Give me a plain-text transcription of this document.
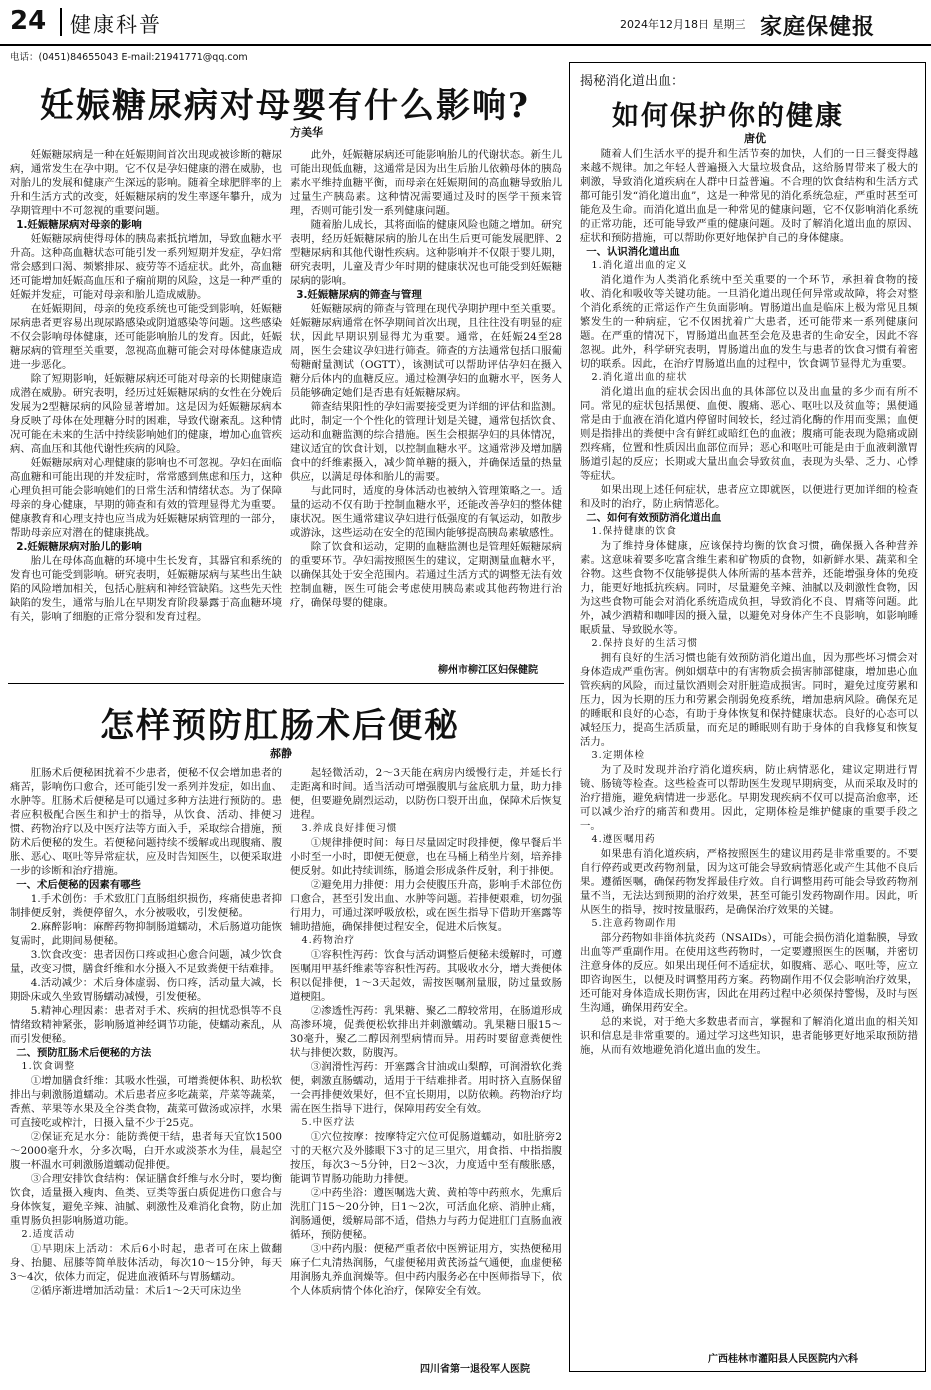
24 健康科普	2024年12月18日 星期三 家庭保健报
电话：(0451)84655043 E-mail:21941771@qq.com
妊娠糖尿病对母婴有什么影响?
方美华

妊娠糖尿病是一种在妊娠期间首次出现或被诊断的糖尿病，通常发生在孕中期。它不仅是孕妇健康的潜在威胁，也对胎儿的发展和健康产生深远的影响。随着全球肥胖率的上升和生活方式的改变，妊娠糖尿病的发生率逐年攀升，成为孕期管理中不可忽视的重要问题。

1.妊娠糖尿病对母亲的影响

妊娠糖尿病使得母体的胰岛素抵抗增加，导致血糖水平升高。这种高血糖状态可能引发一系列短期并发症，孕妇常常会感到口渴、频繁排尿、疲劳等不适症状。此外，高血糖还可能增加妊娠高血压和子痫前期的风险，这是一种严重的妊娠并发症，可能对母亲和胎儿造成威胁。

在妊娠期间，母亲的免疫系统也可能受到影响，妊娠糖尿病患者更容易出现尿路感染或阴道感染等问题。这些感染不仅会影响母体健康，还可能影响胎儿的发育。因此，妊娠糖尿病的管理至关重要，忽视高血糖可能会对母体健康造成进一步恶化。

除了短期影响，妊娠糖尿病还可能对母亲的长期健康造成潜在威胁。研究表明，经历过妊娠糖尿病的女性在分娩后发展为2型糖尿病的风险显著增加。这是因为妊娠糖尿病本身反映了母体在处理糖分时的困难，导致代谢紊乱。这种情况可能在未来的生活中持续影响她们的健康，增加心血管疾病、高血压和其他代谢性疾病的风险。

妊娠糖尿病对心理健康的影响也不可忽视。孕妇在面临高血糖和可能出现的并发症时，常常感到焦虑和压力，这种心理负担可能会影响她们的日常生活和情绪状态。为了保障母亲的身心健康，早期的筛查和有效的管理显得尤为重要。健康教育和心理支持也应当成为妊娠糖尿病管理的一部分，帮助母亲应对潜在的健康挑战。

2.妊娠糖尿病对胎儿的影响

胎儿在母体高血糖的环境中生长发育，其器官和系统的发育也可能受到影响。研究表明，妊娠糖尿病与某些出生缺陷的风险增加相关，包括心脏病和神经管缺陷。这些先天性缺陷的发生，通常与胎儿在早期发育阶段暴露于高血糖环境有关，影响了细胞的正常分裂和发育过程。

此外，妊娠糖尿病还可能影响胎儿的代谢状态。新生儿可能出现低血糖，这通常是因为出生后胎儿依赖母体的胰岛素水平维持血糖平衡，而母亲在妊娠期间的高血糖导致胎儿过量生产胰岛素。这种情况需要通过及时的医学干预来管理，否则可能引发一系列健康问题。

随着胎儿成长，其将面临的健康风险也随之增加。研究表明，经历妊娠糖尿病的胎儿在出生后更可能发展肥胖、2型糖尿病和其他代谢性疾病。这种影响并不仅限于婴儿期，研究表明，儿童及青少年时期的健康状况也可能受到妊娠糖尿病的影响。

3.妊娠糖尿病的筛查与管理

妊娠糖尿病的筛查与管理在现代孕期护理中至关重要。妊娠糖尿病通常在怀孕期间首次出现，且往往没有明显的症状，因此早期识别显得尤为重要。通常，在妊娠24至28周，医生会建议孕妇进行筛查。筛查的方法通常包括口服葡萄糖耐量测试（OGTT），该测试可以帮助评估孕妇在摄入糖分后体内的血糖反应。通过检测孕妇的血糖水平，医务人员能够确定她们是否患有妊娠糖尿病。

筛查结果阳性的孕妇需要接受更为详细的评估和监测。此时，制定一个个性化的管理计划是关键，通常包括饮食、运动和血糖监测的综合措施。医生会根据孕妇的具体情况，建议适宜的饮食计划，以控制血糖水平。这通常涉及增加膳食中的纤维素摄入，减少简单糖的摄入，并确保适量的热量供应，以满足母体和胎儿的需要。

与此同时，适度的身体活动也被纳入管理策略之一。适量的运动不仅有助于控制血糖水平，还能改善孕妇的整体健康状况。医生通常建议孕妇进行低强度的有氧运动，如散步或游泳，这些运动在安全的范围内能够提高胰岛素敏感性。

除了饮食和运动，定期的血糖监测也是管理妊娠糖尿病的重要环节。孕妇需按照医生的建议，定期测量血糖水平，以确保其处于安全范围内。若通过生活方式的调整无法有效控制血糖，医生可能会考虑使用胰岛素或其他药物进行治疗，确保母婴的健康。

柳州市柳江区妇保健院
怎样预防肛肠术后便秘
郝静

肛肠术后便秘困扰着不少患者，便秘不仅会增加患者的痛苦，影响伤口愈合，还可能引发一系列并发症，如出血、水肿等。肛肠术后便秘是可以通过多种方法进行预防的。患者应积极配合医生和护士的指导，从饮食、活动、排便习惯、药物治疗以及中医疗法等方面入手，采取综合措施，预防术后便秘的发生。若便秘问题持续不缓解或出现腹痛、腹胀、恶心、呕吐等异常症状，应及时告知医生，以便采取进一步的诊断和治疗措施。

一、术后便秘的因素有哪些

1.手术创伤：手术致肛门直肠组织损伤，疼痛使患者抑制排便反射，粪便停留久，水分被吸收，引发便秘。

2.麻醉影响：麻醉药物抑制肠道蠕动，术后肠道功能恢复需时，此期间易便秘。

3.饮食改变：患者因伤口疼或担心愈合问题，减少饮食量，改变习惯，膳食纤维和水分摄入不足致粪便干结难排。

4.活动减少：术后身体虚弱、伤口疼，活动量大减，长期卧床或久坐致胃肠蠕动减慢，引发便秘。

5.精神心理因素：患者对手术、疾病的担忧恐惧等不良情绪致精神紧张，影响肠道神经调节功能，使蠕动紊乱，从而引发便秘。

二、预防肛肠术后便秘的方法
1.饮食调整

①增加膳食纤维：其吸水性强，可增粪便体积、助松软排出与刺激肠道蠕动。术后患者应多吃蔬菜，芹菜等蔬菜，香蕉、苹果等水果及全谷类食物，蔬菜可做汤或凉拌，水果可直接吃或榨汁，日摄入量不少于25克。

②保证充足水分：能防粪便干结，患者每天宜饮1500～2000毫升水，分多次喝，白开水或淡茶水为佳，晨起空腹一杯温水可刺激肠道蠕动促排便。

③合理安排饮食结构：保证膳食纤维与水分时，要均衡饮食，适量摄入瘦肉、鱼类、豆类等蛋白质促进伤口愈合与身体恢复，避免辛辣、油腻、刺激性及难消化食物，防止加重胃肠负担影响肠道功能。

2.适度活动

①早期床上活动：术后6小时起，患者可在床上做翻身、抬腿、屈膝等简单肢体活动，每次10～15分钟，每天3～4次，依体力而定，促进血液循环与胃肠蠕动。

②循序渐进增加活动量：术后1～2天可床边坐

起轻微活动，2～3天能在病房内缓慢行走，并延长行走距离和时间。适当活动可增强腹肌与盆底肌力量，助力排便，但要避免剧烈运动，以防伤口裂开出血，保障术后恢复进程。

3.养成良好排便习惯

①规律排便时间：每日尽量固定时段排便，像早餐后半小时至一小时，即便无便意，也在马桶上稍坐片刻，培养排便反射。如此持续训练，肠道会形成条件反射，利于排便。

②避免用力排便：用力会使腹压升高，影响手术部位伤口愈合，甚至引发出血、水肿等问题。若排便艰难，切勿强行用力，可通过深呼吸放松，或在医生指导下借助开塞露等辅助措施，确保排便过程安全，促进术后恢复。

4.药物治疗

①容积性泻药：饮食与活动调整后便秘未缓解时，可遵医嘱用甲基纤维素等容积性泻药。其吸收水分，增大粪便体积以促排便，1～3天起效，需按医嘱剂量服，防过量致肠道梗阻。

②渗透性泻药：乳果糖、聚乙二醇较常用，在肠道形成高渗环境，促粪便松软排出并刺激蠕动。乳果糖日服15～30毫升，聚乙二醇因剂型病情而异。用药时要留意粪便性状与排便次数，防腹泻。

③润滑性泻药：开塞露含甘油或山梨醇，可润滑软化粪便，刺激直肠蠕动，适用于干结难排者。用时挤入直肠保留一会再排便效果好，但不宜长期用，以防依赖。药物治疗均需在医生指导下进行，保障用药安全有效。

5.中医疗法

①穴位按摩：按摩特定穴位可促肠道蠕动，如肚脐旁2寸的天枢穴及外膝眼下3寸的足三里穴，用食指、中指指腹按压，每次3～5分钟，日2～3次，力度适中至有酸胀感，能调节胃肠功能助力排便。

②中药坐浴：遵医嘱选大黄、黄柏等中药煎水，先熏后洗肛门15～20分钟，日1～2次，可活血化瘀、消肿止痛，润肠通便，缓解局部不适，借热力与药力促进肛门直肠血液循环，预防便秘。

③中药内服：便秘严重者依中医辨证用方，实热便秘用麻子仁丸清热润肠，气虚便秘用黄芪汤益气通便，血虚便秘用润肠丸养血润燥等。但中药内服务必在中医师指导下，依个人体质病情个体化治疗，保障安全有效。

四川省第一退役军人医院
揭秘消化道出血：
如何保护你的健康
唐优

随着人们生活水平的提升和生活节奏的加快，人们的一日三餐变得越来越不规律。加之年轻人普遍摄入大量垃圾食品，这给肠胃带来了极大的刺激，导致消化道疾病在人群中日益普遍。不合理的饮食结构和生活方式都可能引发“消化道出血”，这是一种常见的消化系统急症，严重时甚至可能危及生命。而消化道出血是一种常见的健康问题，它不仅影响消化系统的正常功能，还可能导致严重的健康问题。及时了解消化道出血的原因、症状和预防措施，可以帮助你更好地保护自己的身体健康。

一、认识消化道出血
1.消化道出血的定义

消化道作为人类消化系统中至关重要的一个环节，承担着食物的接收、消化和吸收等关键功能。一旦消化道出现任何异常或故障，将会对整个消化系统的正常运作产生负面影响。胃肠道出血是临床上极为常见且频繁发生的一种病症，它不仅困扰着广大患者，还可能带来一系列健康问题。在严重的情况下，胃肠道出血甚至会危及患者的生命安全，因此不容忽视。此外，科学研究表明，胃肠道出血的发生与患者的饮食习惯有着密切的联系。因此，在治疗胃肠道出血的过程中，饮食调节显得尤为重要。

2.消化道出血的症状

消化道出血的症状会因出血的具体部位以及出血量的多少而有所不同。常见的症状包括黑便、血便、腹痛、恶心、呕吐以及贫血等；黑便通常是由于血液在消化道内停留时间较长，经过消化酶的作用而变黑；血便则是指排出的粪便中含有鲜红或暗红色的血液；腹痛可能表现为隐痛或剧烈疼痛，位置和性质因出血部位而异；恶心和呕吐可能是由于血液刺激胃肠道引起的反应；长期或大量出血会导致贫血，表现为头晕、乏力、心悸等症状。

如果出现上述任何症状，患者应立即就医，以便进行更加详细的检查和及时的治疗，防止病情恶化。

二、如何有效预防消化道出血
1.保持健康的饮食

为了维持身体健康，应该保持均衡的饮食习惯，确保摄入各种营养素。这意味着要多吃富含维生素和矿物质的食物，如新鲜水果、蔬菜和全谷物。这些食物不仅能够提供人体所需的基本营养，还能增强身体的免疫力，能更好地抵抗疾病。同时，尽量避免辛辣、油腻以及刺激性食物，因为这些食物可能会对消化系统造成负担，导致消化不良、胃痛等问题。此外，减少酒精和咖啡因的摄入量，以避免对身体产生不良影响，如影响睡眠质量、导致脱水等。

2.保持良好的生活习惯

拥有良好的生活习惯也能有效预防消化道出血，因为那些坏习惯会对身体造成严重伤害。例如烟草中的有害物质会损害肺部健康，增加患心血管疾病的风险，而过量饮酒则会对肝脏造成损害。同时，避免过度劳累和压力，因为长期的压力和劳累会削弱免疫系统，增加患病风险。确保充足的睡眠和良好的心态，有助于身体恢复和保持健康状态。良好的心态可以减轻压力，提高生活质量，而充足的睡眠则有助于身体的自我修复和恢复活力。

3.定期体检

为了及时发现并治疗消化道疾病，防止病情恶化，建议定期进行胃镜、肠镜等检查。这些检查可以帮助医生发现早期病变，从而采取及时的治疗措施，避免病情进一步恶化。早期发现疾病不仅可以提高治愈率，还可以减少治疗的痛苦和费用。因此，定期体检是维护健康的重要手段之一。

4.遵医嘱用药

如果患有消化道疾病，严格按照医生的建议用药是非常重要的。不要自行停药或更改药物剂量，因为这可能会导致病情恶化或产生其他不良后果。遵循医嘱，确保药物发挥最佳疗效。自行调整用药可能会导致药物剂量不当，无法达到预期的治疗效果，甚至可能引发药物副作用。因此，听从医生的指导，按时按量服药，是确保治疗效果的关键。

5.注意药物副作用

部分药物如非甾体抗炎药（NSAIDs），可能会损伤消化道黏膜，导致出血等严重副作用。在使用这些药物时，一定要遵照医生的医嘱，并密切注意身体的反应。如果出现任何不适症状，如腹痛、恶心、呕吐等，应立即咨询医生，以便及时调整用药方案。药物副作用不仅会影响治疗效果，还可能对身体造成长期伤害，因此在用药过程中必须保持警惕，及时与医生沟通，确保用药安全。

总的来说，对于绝大多数患者而言，掌握和了解消化道出血的相关知识和信息是非常重要的。通过学习这些知识，患者能够更好地采取预防措施，从而有效地避免消化道出血的发生。

广西桂林市灌阳县人民医院内六科
